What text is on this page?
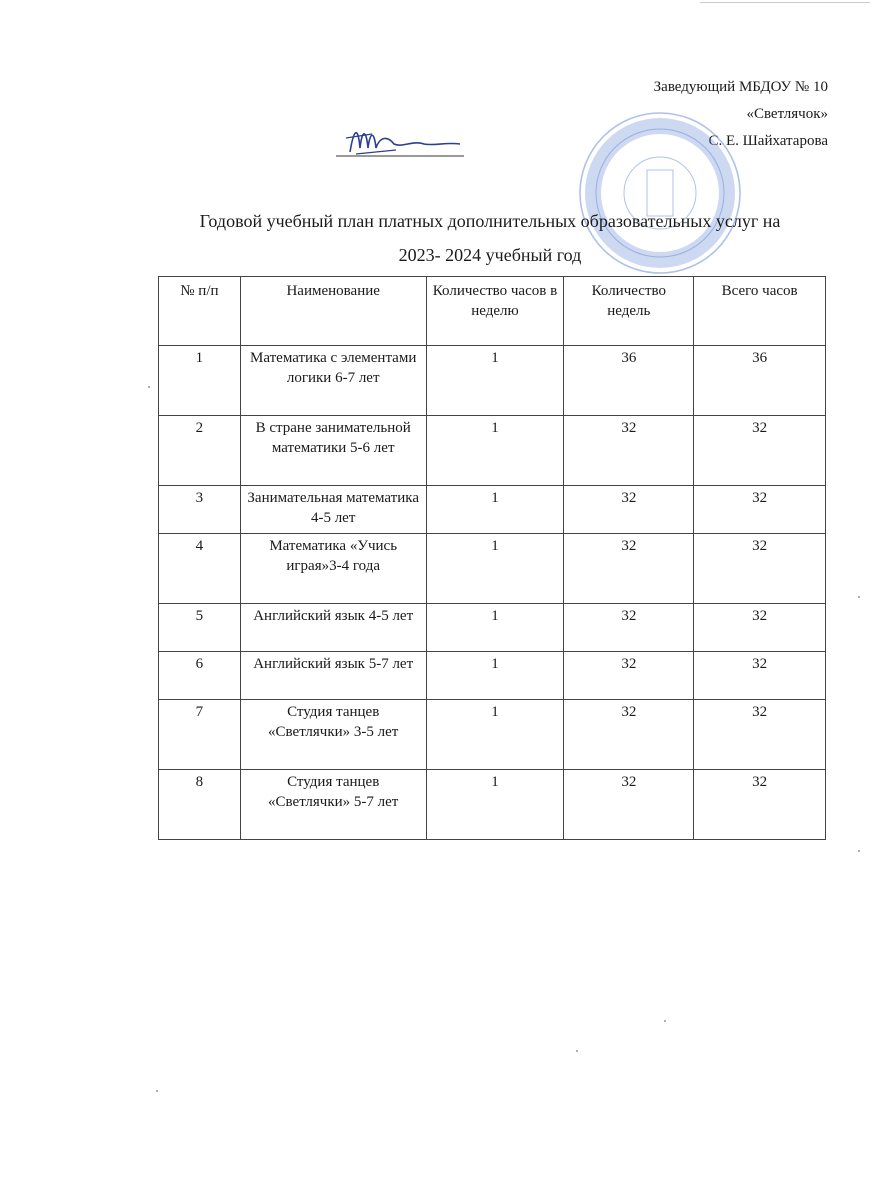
Заведующий МБДОУ № 10
«Светлячок»
С. Е. Шайхатарова
Годовой учебный план платных дополнительных образовательных услуг на
2023- 2024 учебный год
№ п/п	Наименование	Количество часов в неделю	Количество недель	Всего часов
1	Математика с элементами логики 6-7 лет	1	36	36
2	В стране занимательной математики 5-6 лет	1	32	32
3	Занимательная математика 4-5 лет	1	32	32
4	Математика «Учись играя»3-4 года	1	32	32
5	Английский язык 4-5 лет	1	32	32
6	Английский язык 5-7 лет	1	32	32
7	Студия танцев «Светлячки» 3-5 лет	1	32	32
8	Студия танцев «Светлячки» 5-7 лет	1	32	32
